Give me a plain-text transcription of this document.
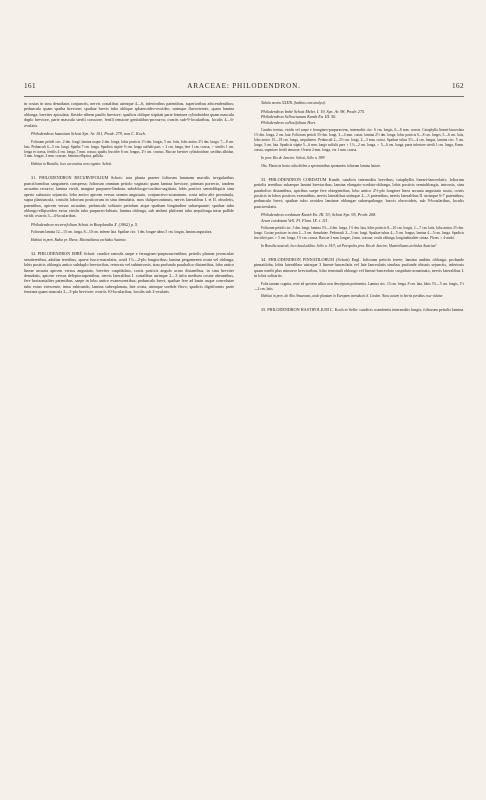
161	ARACEAE: PHILODENDRON.	162

in costas in sinu denudatas conjunctis, nervis costalibus utrinque 4—6, inferioribus patentibus, superioribus adscendentibus; pedunculo quam spatha breviore; spathae brevis tubo oblique sphaeroideo-ovoideo, utrinque flavovirente, quam lamina oblonga, breviter apiculata, flavido-albens paullo breviore; spadicis oblique stipitati parte feminea cylindroidea quam mascula duplo breviore, parte mascula sterili crassiore, fertili tenuiore genitalibus-procurva; ovariis sub-9-locularibus, loculis 4—6-ovulatis.

Philodendron hastatum Schott Syn. Ar. 101, Prodr. 279, non C. Koch.

Folioram petioli circ. 2 dm. longi; lamina usque 2 dm. longa, lobis posticis 1½ dm. longis, 5 cm. latis, lobo antico 2½ dm. longo, 7—8 cm. lato. Pedunculi 4—5 cm. longi. Spatha 7 cm. longa. Spadicis stipite ⅔ cm. longo suffulti pars ♀ 2 cm. longa, fere 1 cm. crassa, ♂ sterilis 1 cm. longa et crassa, fertilis 4 cm. longa, 7 mm. crassa; spadix fructifer 6 cm. longus, 2½ cm. crassus. Baccae breviter cylindroideae, seriibus albidae, 3 mm. longae, 2 mm. crassae. Semina elliptica, pallida.

Habitat in Brasilia, loco accuratius non cognito: Schott.

31. PHILODENDRON RECURVIFOLIUM Schott: tota planta praeter foliorum laminam maculis irregularibus punctiformibus sanguineis conspersa; foliorum omnium petiolo vaginato quam lamina breviore, primum porrecto, tandem arcuatim recurvo; lamina viridi, margine purpureo-limbata, subobloogo-cordato-sagittata, lobis posticis semiobliquiis sinu aperto subacuto sejunctis, lobo antico apicem versus sensim angustato, conjunctivo-acuminato, costa infra alte prominula, supra planiuscula, costulis loborum posticorum in sinu denudatis, mox dulquecontinuis, nervis lateralibus I. et II. obsoletis, patentibus, apicem versus arcuatim; pedunculo solitario petiolum atque spatham longitudine subaequante; spathae tubo oblongo-ellipsoideo extus viridis tubo purpureo-labiato, lamina oblonga, sub anthesi phiformi tubo aequilonga intus pallide viridi; ovariis 3—4-locularibus.

Philodendron recurvifolium Schott in Bonplandia X. (1862) p. 5.

Foliorum lamina 12—15 cm. longa, 8—10 cm. inferne lata. Spathae circ. 1 dm. longae tubus 5 cm. longus, lamina angustiora.

Habitat in prov. Bahia pr. Ilheos: Maximilianus archidux Austriae.

32. PHILODENDRON IMBÉ Schott: caudice ramulis saepe e ferrugineo-purpurascentibus; petiolis plantae juvenculae semiteretibus, adultae teretibus, sparse fusco-maculatis, costâ 1½—2-plo longioribus; lamina pergamenea ovata vel oblonga, lobis posticis oblongis antico subduplo brevioribus, retrorsis vel subintrorsis, sinu profundo parabolico distantibus, lobo antico lineae arcuata apicem versus angustato, breviter cuspidulato, costis posticis angulo acuto distantibus, in sinu breviter denudatis, apicem versus deleptocarpentibus, nervis lateralibus I. costalibus utrinque 2—3 infra medium costae abeuntibus, fere horizontaliter patentibus, saepe in lobo antico evanescentibus; pedunculo brevi; spathae fere ad basin usque convolutae tubo extus virescente, intus rubicundo, lamina subexplanata, late ovata, utrinque sordide flavo; spadicis digitiformis parte feminea quam mascula 2—3-plo breviore; ovariis 10-locularibus, loculis sub 2-ovulatis.

Tabula nostra XXXIII. (habitus cum analysi).

Philodendron Imbé Schott Melet. I. 19, Syn. Ar. 98, Prodr. 275.

Philodendron Sellowianum Kunth En. III. 50.

Philodendron callosifolium Hort.

Caudex teretus, viridis vel saepe e ferrugineo-purpurascens, internodiis circ. 6 cm. longis, 6—8 mm. crassis. Cataphylla lineari-lanceolata 1½ dm. longa, 2 cm. lata. Foliorum petioli 3½ dm. longi, 3—4 mm. crassi; lamina 2½ dm. longa, lobis posticis 6—8 cm. longis, 5—6 cm. latis, lobo antico 15—18 cm. longo, aequilatero. Pedunculi 2—3½ cm. longi, 2—3 mm. crassi. Spathae tubus 5½—4 cm. longus, lamina circ. 5 cm. longa, 3 cm. lata. Spadicis stipite 5—6 mm. longo suffulti pars ♀ 1½—2 cm. longa, ♂ 5—6 cm. longa, parte inferiore sterili 1 cm. longa, 8 mm. crassa, superiore fertili tenuiore. Ovaria 2 mm. longa, vix 1 mm. crassa.

In prov. Rio de Janeiro: Schott, Sello n. 389!

Obs. Planta in horto culta differt a speciminibus spontaneis foliorum lamina latiore.

33. PHILODENDRON CORDATUM Kunth: caudicis internodiis brevibus; cataphyllis lineari-lanceolatis; foliorum petiolis teretibus subaeque lamini brevioribus; lamina elongato-cordato-oblonga, lobis posticis semioblongis, introrsis, sinu parabolico distantibus, apicibus saepe fere obtegentibus, lobo antico 2½-plo longiore linea arcuata angustato acuto, costis posticis in lobos posticos exeuntibus, nervis lateralibus utrinque 2—3 patentibus, nervis lateralibus II. utrinque 6-7 patentibus; pedunculo brevi; spathae tubo ovoideo laminae oblongae subaequilonge; baccis obovoideis, sub 9-locularibus, loculis pauciovulatis.

Philodendron cordatum Kunth En. III. 53; Schott Syn. 95, Prodr. 268.

Arum cordatum Vell. Fl. Flum. IX. t. 111.

Foliorum petioli circ. 3 dm. longi; lamina 3½—4 dm. longa, 1½ dm. lata, lobis posticis 8—10 cm. longis, 1—7 cm. latis, lobo antico 2½ dm. longo. Costae posticae in sinu 2—3 cm. denudatae. Pedunculi 2—3 cm. longi. Spathae tubus 4—5 cm. longus, lamina 4—5 cm. longa. Spadicis fructiferi pars ♀ 5 cm. longa, 1½ cm. crassa. Baccae 3 mm. longae, 2 mm. crassae; ovula oblonga, longitudinaliter striata. Flores ♀ 4-andri.

In Brasilia australi, loco haud addito: Sello n. 341!; ad Petropolin prov. Rio de Janeiro: Maximilianus archidux Austriae!

34. PHILODENDRON PINNATILOBUM (Schott) Engl. foliorum petiolo terete; lamina ambitu oblonga, profunde pinnatiloba, lobis lateralibus utrinque 3 lineari-lanceolatis vel late lanceolatis sinubus profunde obtusis sejunctis, inferiosis quam medii plus minusve brevioribus, lobo terminali oblongo vel lineari-lanceolato cuspidato-acuminato, nervis lateralibus I. in lobis solitariis.

Folia tantum cognita, certe ad speciem adhuc non descriptam pertinentia. Lamina circ. 13 cm. longa, 8 cm. lata, lobis 3½—5 cm. longis, 1½—2 cm. latis.

Habitat in prov. do Alto Amazonas, unde plantam in Europam introduxit cl. Linden. Nunc autem in hortis perditus esse videtur.

35. PHILODENDRON HASTIFOLIUM C. Koch et Sello: caudicis scandentis internodiis longis; foliorum petiolis lamina
